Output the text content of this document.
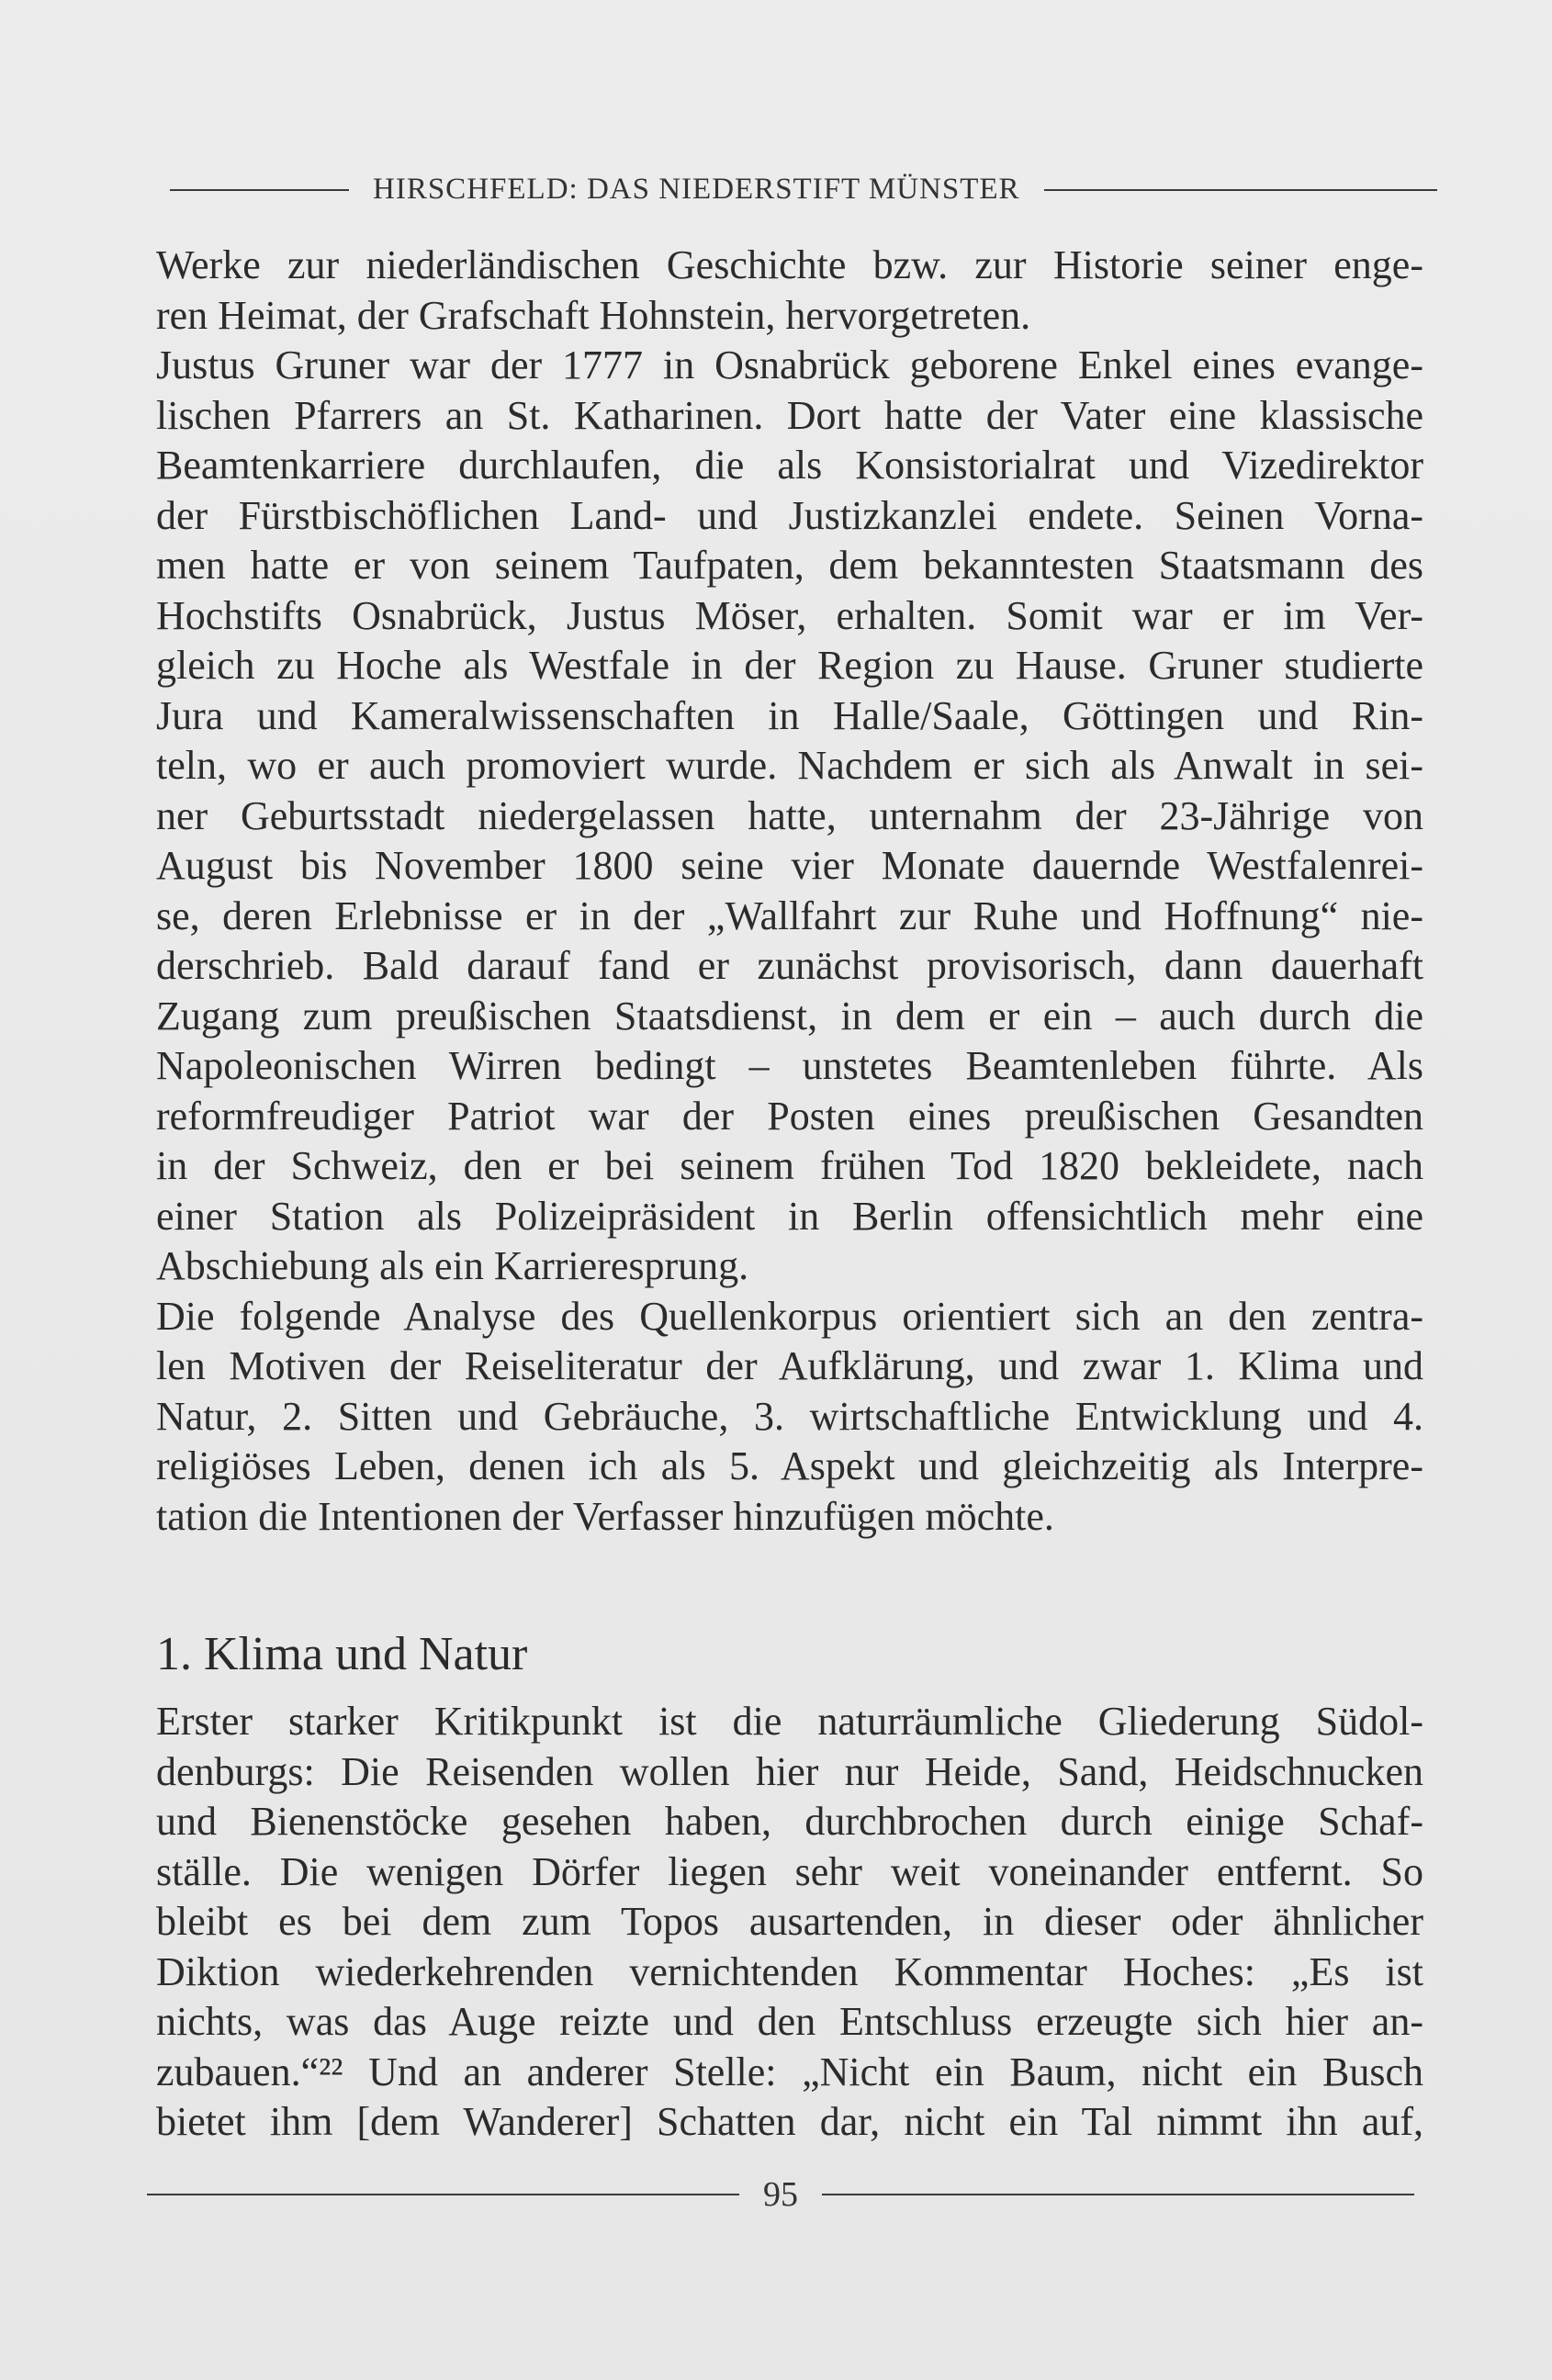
HIRSCHFELD: DAS NIEDERSTIFT MÜNSTER
Werke zur niederländischen Geschichte bzw. zur Historie seiner enge-
ren Heimat, der Grafschaft Hohnstein, hervorgetreten.
Justus Gruner war der 1777 in Osnabrück geborene Enkel eines evange-
lischen Pfarrers an St. Katharinen. Dort hatte der Vater eine klassische
Beamtenkarriere durchlaufen, die als Konsistorialrat und Vizedirektor
der Fürstbischöflichen Land- und Justizkanzlei endete. Seinen Vorna-
men hatte er von seinem Taufpaten, dem bekanntesten Staatsmann des
Hochstifts Osnabrück, Justus Möser, erhalten. Somit war er im Ver-
gleich zu Hoche als Westfale in der Region zu Hause. Gruner studierte
Jura und Kameralwissenschaften in Halle/Saale, Göttingen und Rin-
teln, wo er auch promoviert wurde. Nachdem er sich als Anwalt in sei-
ner Geburtsstadt niedergelassen hatte, unternahm der 23-Jährige von
August bis November 1800 seine vier Monate dauernde Westfalenrei-
se, deren Erlebnisse er in der „Wallfahrt zur Ruhe und Hoffnung“ nie-
derschrieb. Bald darauf fand er zunächst provisorisch, dann dauerhaft
Zugang zum preußischen Staatsdienst, in dem er ein – auch durch die
Napoleonischen Wirren bedingt – unstetes Beamtenleben führte. Als
reformfreudiger Patriot war der Posten eines preußischen Gesandten
in der Schweiz, den er bei seinem frühen Tod 1820 bekleidete, nach
einer Station als Polizeipräsident in Berlin offensichtlich mehr eine
Abschiebung als ein Karrieresprung.
Die folgende Analyse des Quellenkorpus orientiert sich an den zentra-
len Motiven der Reiseliteratur der Aufklärung, und zwar 1. Klima und
Natur, 2. Sitten und Gebräuche, 3. wirtschaftliche Entwicklung und 4.
religiöses Leben, denen ich als 5. Aspekt und gleichzeitig als Interpre-
tation die Intentionen der Verfasser hinzufügen möchte.
1. Klima und Natur
Erster starker Kritikpunkt ist die naturräumliche Gliederung Südol-
denburgs: Die Reisenden wollen hier nur Heide, Sand, Heidschnucken
und Bienenstöcke gesehen haben, durchbrochen durch einige Schaf-
ställe. Die wenigen Dörfer liegen sehr weit voneinander entfernt. So
bleibt es bei dem zum Topos ausartenden, in dieser oder ähnlicher
Diktion wiederkehrenden vernichtenden Kommentar Hoches: „Es ist
nichts, was das Auge reizte und den Entschluss erzeugte sich hier an-
zubauen.“²² Und an anderer Stelle: „Nicht ein Baum, nicht ein Busch
bietet ihm [dem Wanderer] Schatten dar, nicht ein Tal nimmt ihn auf,
95
